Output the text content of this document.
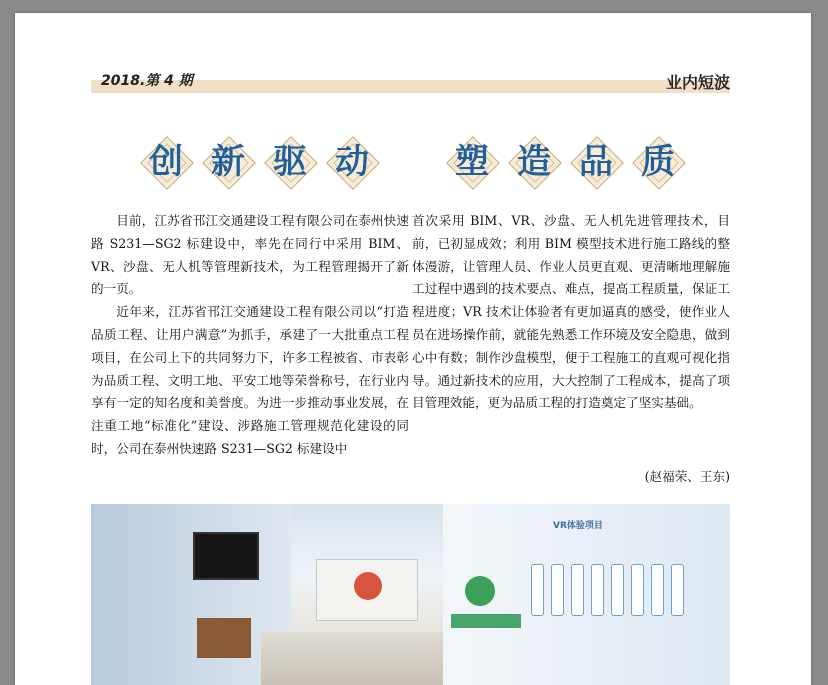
2018.第 4 期	业内短波
创 新 驱 动	塑 造 品 质

目前，江苏省邗江交通建设工程有限公司在泰州快速路 S231—SG2 标建设中，率先在同行中采用 BIM、VR、沙盘、无人机等管理新技术，为工程管理揭开了新的一页。

近年来，江苏省邗江交通建设工程有限公司以“打造品质工程、让用户满意”为抓手，承建了一大批重点工程项目，在公司上下的共同努力下，许多工程被省、市表彰为品质工程、文明工地、平安工地等荣誉称号，在行业内享有一定的知名度和美誉度。为进一步推动事业发展，在注重工地“标准化”建设、涉路施工管理规范化建设的同时，公司在泰州快速路 S231—SG2 标建设中

首次采用 BIM、VR、沙盘、无人机先进管理技术，目前，已初显成效；利用 BIM 模型技术进行施工路线的整体漫游，让管理人员、作业人员更直观、更清晰地理解施工过程中遇到的技术要点、难点，提高工程质量，保证工程进度；VR 技术让体验者有更加逼真的感受，使作业人员在进场操作前，就能先熟悉工作环境及安全隐患，做到心中有数；制作沙盘模型，便于工程施工的直观可视化指导。通过新技术的应用，大大控制了工程成本，提高了项目管理效能，更为品质工程的打造奠定了坚实基础。

(赵福荣、王东)
VR体验项目
